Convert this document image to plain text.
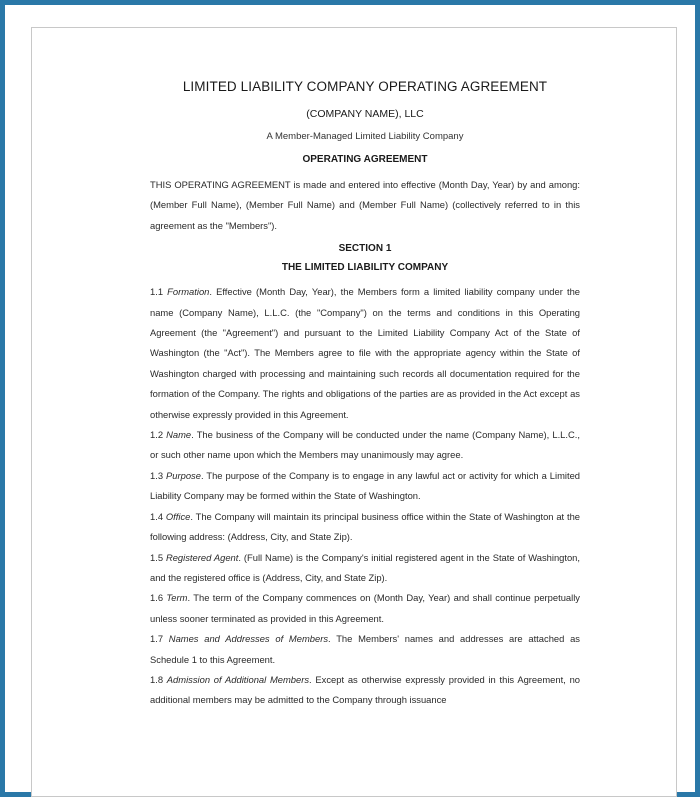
LIMITED LIABILITY COMPANY OPERATING AGREEMENT
(COMPANY NAME), LLC
A Member-Managed Limited Liability Company
OPERATING AGREEMENT

THIS OPERATING AGREEMENT is made and entered into effective (Month Day, Year) by and among: (Member Full Name), (Member Full Name) and (Member Full Name) (collectively referred to in this agreement as the "Members").

SECTION 1
THE LIMITED LIABILITY COMPANY

1.1 Formation. Effective (Month Day, Year), the Members form a limited liability company under the name (Company Name), L.L.C. (the "Company") on the terms and conditions in this Operating Agreement (the "Agreement") and pursuant to the Limited Liability Company Act of the State of Washington (the "Act"). The Members agree to file with the appropriate agency within the State of Washington charged with processing and maintaining such records all documentation required for the formation of the Company. The rights and obligations of the parties are as provided in the Act except as otherwise expressly provided in this Agreement.

1.2 Name. The business of the Company will be conducted under the name (Company Name), L.L.C., or such other name upon which the Members may unanimously may agree.

1.3 Purpose. The purpose of the Company is to engage in any lawful act or activity for which a Limited Liability Company may be formed within the State of Washington.

1.4 Office. The Company will maintain its principal business office within the State of Washington at the following address: (Address, City, and State Zip).

1.5 Registered Agent. (Full Name) is the Company's initial registered agent in the State of Washington, and the registered office is (Address, City, and State Zip).

1.6 Term. The term of the Company commences on (Month Day, Year) and shall continue perpetually unless sooner terminated as provided in this Agreement.

1.7 Names and Addresses of Members. The Members' names and addresses are attached as Schedule 1 to this Agreement.

1.8 Admission of Additional Members. Except as otherwise expressly provided in this Agreement, no additional members may be admitted to the Company through issuance
